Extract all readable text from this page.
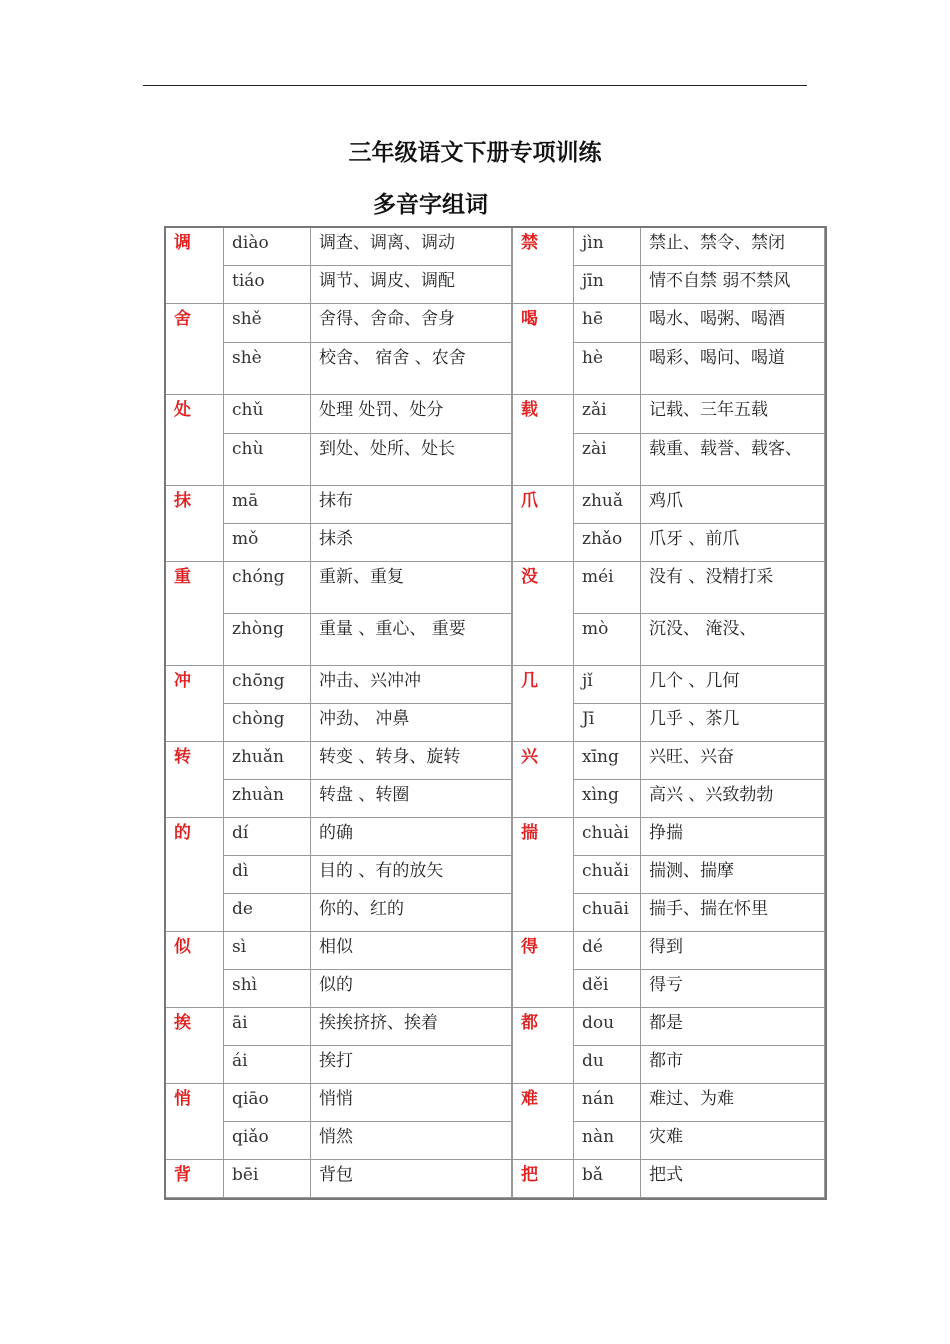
三年级语文下册专项训练
多音字组词
调	diào	调查、调离、调动	禁	jìn	禁止、禁令、禁闭
	tiáo	调节、调皮、调配		jīn	情不自禁 弱不禁风
舍	shě	舍得、舍命、舍身	喝	hē	喝水、喝粥、喝酒
	shè	校舍、 宿舍 、农舍		hè	喝彩、喝问、喝道
处	chǔ	处理 处罚、处分	载	zǎi	记载、三年五载
	chù	到处、处所、处长		zài	载重、载誉、载客、
抹	mā	抹布	爪	zhuǎ	鸡爪
	mǒ	抹杀		zhǎo	爪牙 、前爪
重	chóng	重新、重复	没	méi	没有 、没精打采
	zhòng	重量 、重心、 重要		mò	沉没、 淹没、
冲	chōng	冲击、兴冲冲	几	jǐ	几个 、几何
	chòng	冲劲、 冲鼻		Jī	几乎 、茶几
转	zhuǎn	转变 、转身、旋转	兴	xīng	兴旺、兴奋
	zhuàn	转盘 、转圈		xìng	高兴 、兴致勃勃
的	dí	的确	揣	chuài	挣揣
	dì	目的 、有的放矢		chuǎi	揣测、揣摩
	de	你的、红的		chuāi	揣手、揣在怀里
似	sì	相似	得	dé	得到
	shì	似的		děi	得亏
挨	āi	挨挨挤挤、挨着	都	dou	都是
	ái	挨打		du	都市
悄	qiāo	悄悄	难	nán	难过、为难
	qiǎo	悄然		nàn	灾难
背	bēi	背包	把	bǎ	把式
